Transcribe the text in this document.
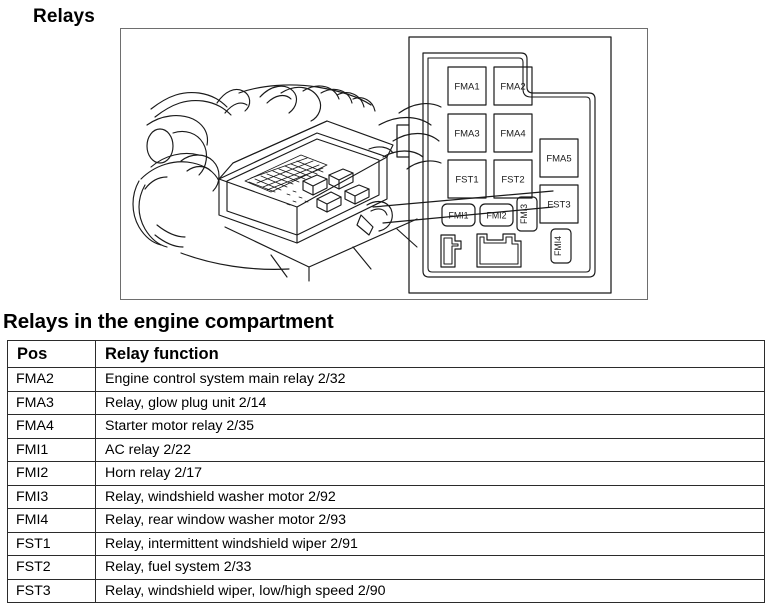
Relays
FMA1 FMA2
FMA3 FMA4
FMA5
FST1 FST2
FST3
FMI1 FMI2 FMI3
FMI4
Relays in the engine compartment
Pos	Relay function
FMA2	Engine control system main relay 2/32
FMA3	Relay, glow plug unit 2/14
FMA4	Starter motor relay 2/35
FMI1	AC relay 2/22
FMI2	Horn relay 2/17
FMI3	Relay, windshield washer motor 2/92
FMI4	Relay, rear window washer motor 2/93
FST1	Relay, intermittent windshield wiper 2/91
FST2	Relay, fuel system 2/33
FST3	Relay, windshield wiper, low/high speed 2/90
